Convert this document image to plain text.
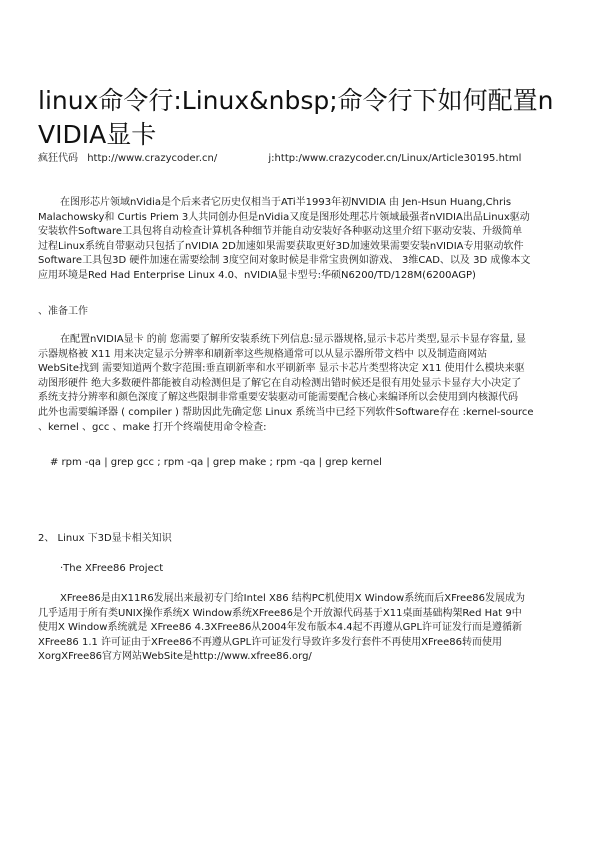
linux命令行:Linux&nbsp;命令行下如何配置nVIDIA显卡
疯狂代码 http://www.crazycoder.cn/	j:http:/www.crazycoder.cn/Linux/Article30195.html
在图形芯片领域nVidia是个后来者它历史仅相当于ATi半1993年初NVIDIA 由 Jen-Hsun Huang,Chris
Malachowsky和 Curtis Priem 3人共同创办但是nVidia又度是图形处理芯片领域最强者nVIDIA出品Linux驱动
安装软件Software工具包将自动检查计算机各种细节并能自动安装好各种驱动这里介绍下驱动安装、升级简单
过程Linux系统自带驱动只包括了nVIDIA 2D加速如果需要获取更好3D加速效果需要安装nVIDIA专用驱动软件
Software工具包3D 硬件加速在需要绘制 3度空间对象时候是非常宝贵例如游戏、 3维CAD、以及 3D 成像本文
应用环境是Red Had Enterprise Linux 4.0、nVIDIA显卡型号:华硕N6200/TD/128M(6200AGP)
、准备工作
在配置nVIDIA显卡 的前 您需要了解所安装系统下列信息:显示器规格,显示卡芯片类型,显示卡显存容量, 显
示器规格被 X11 用来决定显示分辨率和刷新率这些规格通常可以从显示器所带文档中 以及制造商网站
WebSite找到 需要知道两个数字范围:垂直刷新率和水平刷新率 显示卡芯片类型将决定 X11 使用什么模块来驱
动图形硬件 绝大多数硬件都能被自动检测但是了解它在自动检测出错时候还是很有用处显示卡显存大小决定了
系统支持分辨率和颜色深度了解这些限制非常重要安装驱动可能需要配合核心来编译所以会使用到内核源代码
此外也需要编译器 ( compiler ) 帮助因此先确定您 Linux 系统当中已经下列软件Software存在 :kernel-source
、kernel 、gcc 、make 打开个终端使用命令检查:
# rpm -qa | grep gcc ; rpm -qa | grep make ; rpm -qa | grep kernel
2、 Linux 下3D显卡相关知识
·The XFree86 Project
XFree86是由X11R6发展出来最初专门给Intel X86 结构PC机使用X Window系统而后XFree86发展成为
几乎适用于所有类UNIX操作系统X Window系统XFree86是个开放源代码基于X11桌面基础构架Red Hat 9中
使用X Window系统就是 XFree86 4.3XFree86从2004年发布版本4.4起不再遵从GPL许可证发行而是遵循新
XFree86 1.1 许可证由于XFree86不再遵从GPL许可证发行导致许多发行套件不再使用XFree86转而使用
XorgXFree86官方网站WebSite是http://www.xfree86.org/
